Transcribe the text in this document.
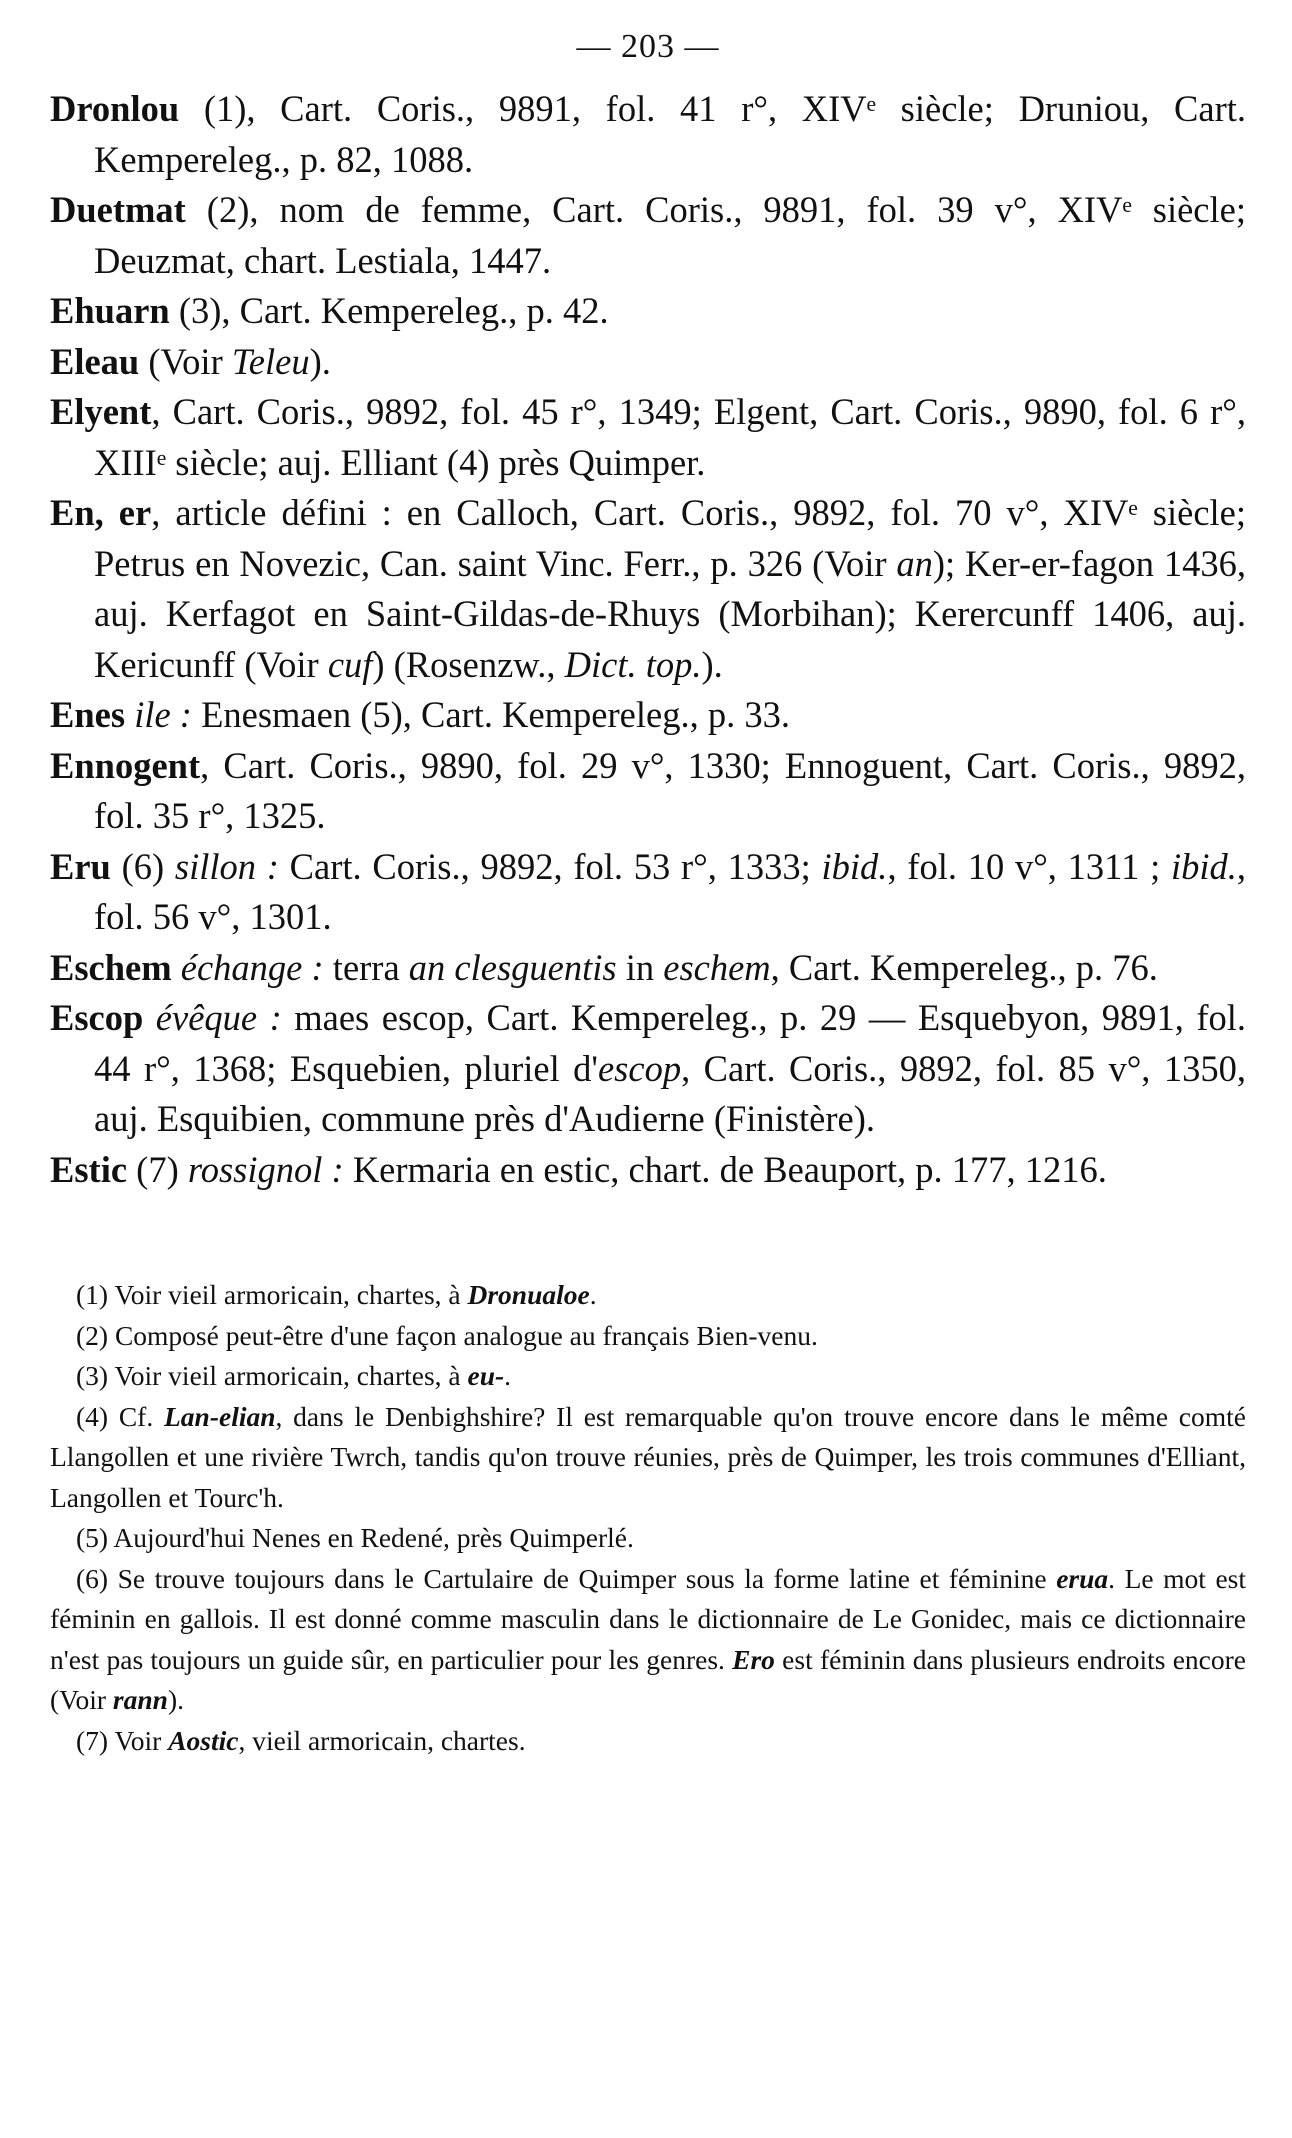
— 203 —

Dronlou (1), Cart. Coris., 9891, fol. 41 r°, XIVᵉ siècle; Druniou, Cart. Kempereleg., p. 82, 1088.

Duetmat (2), nom de femme, Cart. Coris., 9891, fol. 39 v°, XIVᵉ siècle; Deuzmat, chart. Lestiala, 1447.

Ehuarn (3), Cart. Kempereleg., p. 42.

Eleau (Voir Teleu).

Elyent, Cart. Coris., 9892, fol. 45 r°, 1349; Elgent, Cart. Coris., 9890, fol. 6 r°, XIIIᵉ siècle; auj. Elliant (4) près Quimper.

En, er, article défini : en Calloch, Cart. Coris., 9892, fol. 70 v°, XIVᵉ siècle; Petrus en Novezic, Can. saint Vinc. Ferr., p. 326 (Voir an); Ker-er-fagon 1436, auj. Kerfagot en Saint-Gildas-de-Rhuys (Morbihan); Kerercunff 1406, auj. Kericunff (Voir cuf) (Rosenzw., Dict. top.).

Enes ile : Enesmaen (5), Cart. Kempereleg., p. 33.

Ennogent, Cart. Coris., 9890, fol. 29 v°, 1330; Ennoguent, Cart. Coris., 9892, fol. 35 r°, 1325.

Eru (6) sillon : Cart. Coris., 9892, fol. 53 r°, 1333; ibid., fol. 10 v°, 1311 ; ibid., fol. 56 v°, 1301.

Eschem échange : terra an clesguentis in eschem, Cart. Kempereleg., p. 76.

Escop évêque : maes escop, Cart. Kempereleg., p. 29 — Esquebyon, 9891, fol. 44 r°, 1368; Esquebien, pluriel d'escop, Cart. Coris., 9892, fol. 85 v°, 1350, auj. Esquibien, commune près d'Audierne (Finistère).

Estic (7) rossignol : Kermaria en estic, chart. de Beauport, p. 177, 1216.

(1) Voir vieil armoricain, chartes, à Dronualoe.

(2) Composé peut-être d'une façon analogue au français Bien-venu.

(3) Voir vieil armoricain, chartes, à eu-.

(4) Cf. Lan-elian, dans le Denbighshire? Il est remarquable qu'on trouve encore dans le même comté Llangollen et une rivière Twrch, tandis qu'on trouve réunies, près de Quimper, les trois communes d'Elliant, Langollen et Tourc'h.

(5) Aujourd'hui Nenes en Redené, près Quimperlé.

(6) Se trouve toujours dans le Cartulaire de Quimper sous la forme latine et féminine erua. Le mot est féminin en gallois. Il est donné comme masculin dans le dictionnaire de Le Gonidec, mais ce dictionnaire n'est pas toujours un guide sûr, en particulier pour les genres. Ero est féminin dans plusieurs endroits encore (Voir rann).

(7) Voir Aostic, vieil armoricain, chartes.
